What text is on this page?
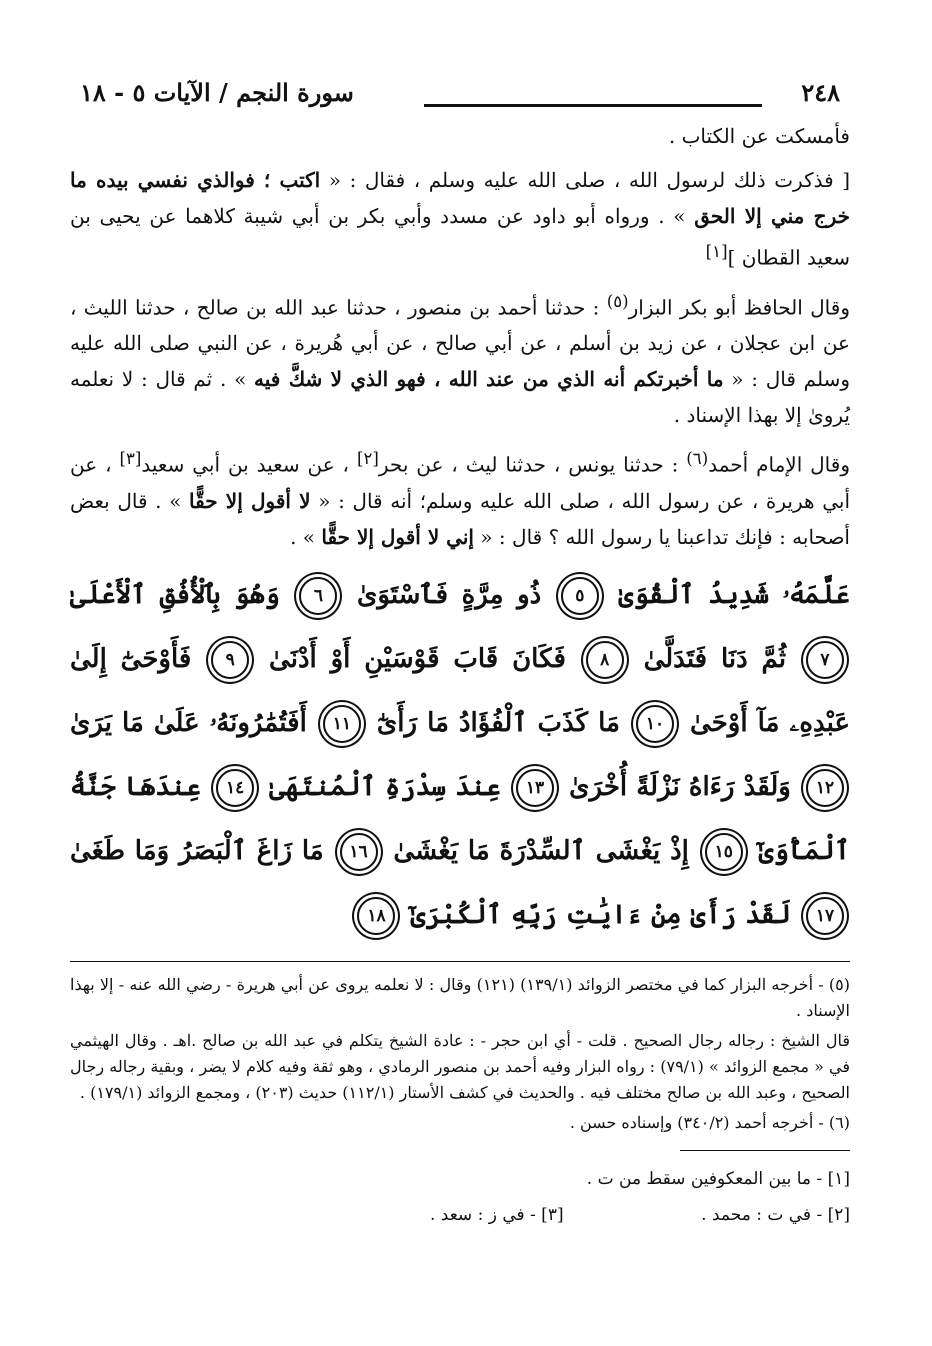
٢٤٨
سورة النجم / الآيات ٥ - ١٨

فأمسكت عن الكتاب .

[ فذكرت ذلك لرسول الله ، صلى الله عليه وسلم ، فقال : « اكتب ؛ فوالذي نفسي بيده ما خرج مني إلا الحق » . ورواه أبو داود عن مسدد وأبي بكر بن أبي شيبة كلاهما عن يحيى بن سعيد القطان ][١]

وقال الحافظ أبو بكر البزار$^{(٥)}$ : حدثنا أحمد بن منصور ، حدثنا عبد الله بن صالح ، حدثنا الليث ، عن ابن عجلان ، عن زيد بن أسلم ، عن أبي صالح ، عن أبي هُريرة ، عن النبي صلى الله عليه وسلم قال : « ما أخبرتكم أنه الذي من عند الله ، فهو الذي لا شكَّ فيه » . ثم قال : لا نعلمه يُروىٰ إلا بهذا الإسناد .

وقال الإمام أحمد$^{(٦)}$ : حدثنا يونس ، حدثنا ليث ، عن بحر[٢] ، عن سعيد بن أبي سعيد[٣] ، عن أبي هريرة ، عن رسول الله ، صلى الله عليه وسلم؛ أنه قال : « لا أقول إلا حقًّا » . قال بعض أصحابه : فإنك تداعبنا يا رسول الله ؟ قال : « إني لا أقول إلا حقًّا » .

عَلَّمَهُۥ شَدِيدُ ٱلْقُوَىٰ ٥ ذُو مِرَّةٍ فَٱسْتَوَىٰ ٦ وَهُوَ بِٱلْأُفُقِ ٱلْأَعْلَىٰ ٧ ثُمَّ دَنَا فَتَدَلَّىٰ ٨ فَكَانَ قَابَ قَوْسَيْنِ أَوْ أَدْنَىٰ ٩ فَأَوْحَىٰٓ إِلَىٰ عَبْدِهِۦ مَآ أَوْحَىٰ ١٠ مَا كَذَبَ ٱلْفُؤَادُ مَا رَأَىٰٓ ١١ أَفَتُمَٰرُونَهُۥ عَلَىٰ مَا يَرَىٰ ١٢ وَلَقَدْ رَءَاهُ نَزْلَةً أُخْرَىٰ ١٣ عِندَ سِدْرَةِ ٱلْمُنتَهَىٰ ١٤ عِندَهَا جَنَّةُ ٱلْمَأْوَىٰٓ ١٥ إِذْ يَغْشَى ٱلسِّدْرَةَ مَا يَغْشَىٰ ١٦ مَا زَاغَ ٱلْبَصَرُ وَمَا طَغَىٰ ١٧ لَقَدْ رَأَىٰ مِنْ ءَايَٰتِ رَبِّهِ ٱلْكُبْرَىٰٓ ١٨

(٥) - أخرجه البزار كما في مختصر الزوائد (١٣٩/١) (١٢١) وقال : لا نعلمه يروى عن أبي هريرة - رضي الله عنه - إلا بهذا الإسناد .

قال الشيخ : رجاله رجال الصحيح . قلت - أي ابن حجر - : عادة الشيخ يتكلم في عبد الله بن صالح .اهـ . وقال الهيثمي في « مجمع الزوائد » (٧٩/١) : رواه البزار وفيه أحمد بن منصور الرمادي ، وهو ثقة وفيه كلام لا يضر ، وبقية رجاله رجال الصحيح ، وعبد الله بن صالح مختلف فيه . والحديث في كشف الأستار (١١٢/١) حديث (٢٠٣) ، ومجمع الزوائد (١٧٩/١) .

(٦) - أخرجه أحمد (٣٤٠/٢) وإسناده حسن .

[١] - ما بين المعكوفين سقط من ت .
[٢] - في ت : محمد .
[٣] - في ز : سعد .
